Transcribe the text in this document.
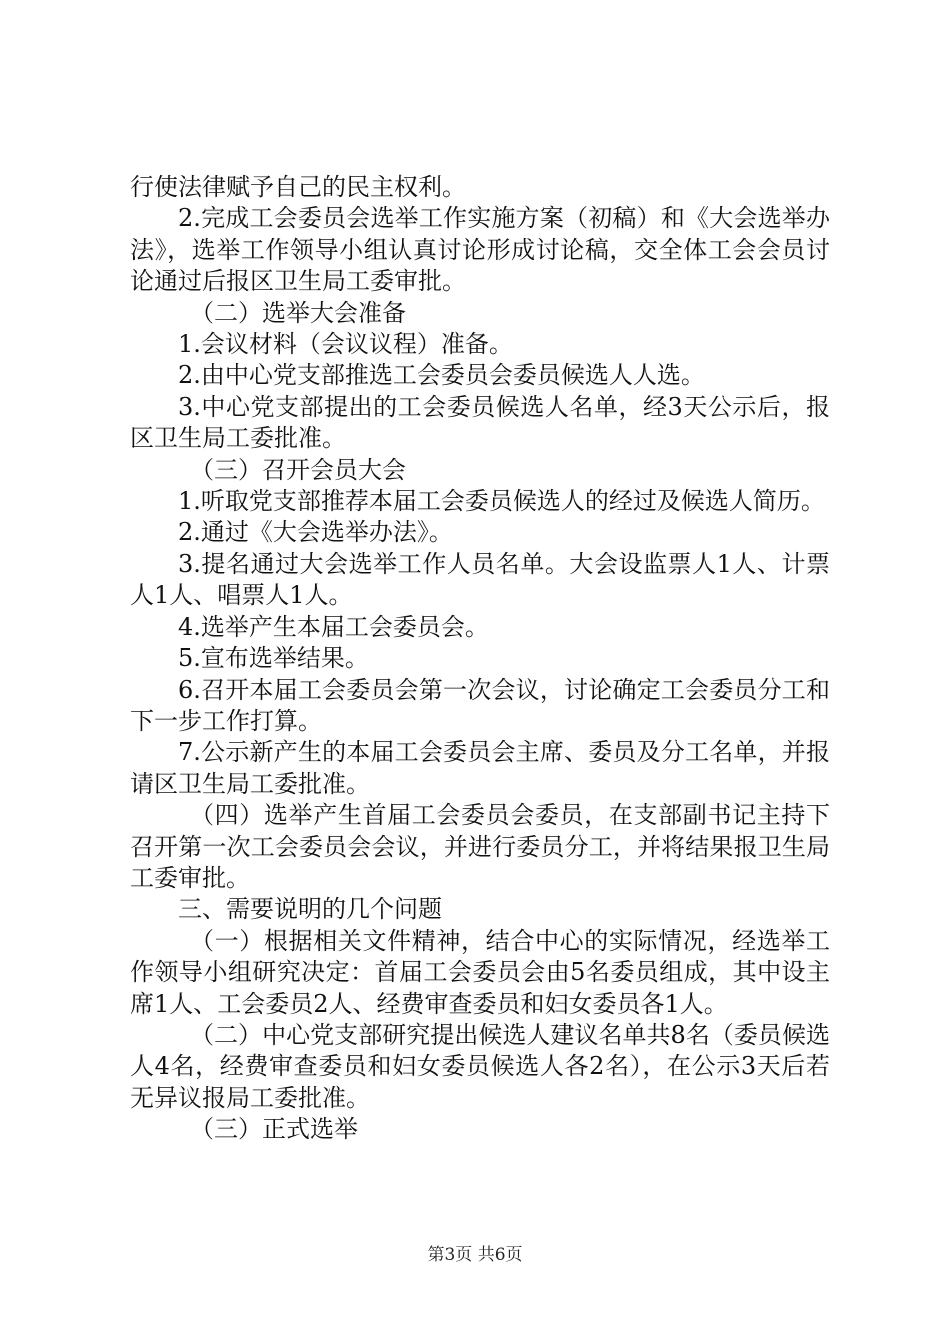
行使法律赋予自己的民主权利。

2.完成工会委员会选举工作实施方案（初稿）和《大会选举办法》，选举工作领导小组认真讨论形成讨论稿，交全体工会会员讨论通过后报区卫生局工委审批。

（二）选举大会准备

1.会议材料（会议议程）准备。

2.由中心党支部推选工会委员会委员候选人人选。

3.中心党支部提出的工会委员候选人名单，经3天公示后，报区卫生局工委批准。

（三）召开会员大会

1.听取党支部推荐本届工会委员候选人的经过及候选人简历。

2.通过《大会选举办法》。

3.提名通过大会选举工作人员名单。大会设监票人1人、计票人1人、唱票人1人。

4.选举产生本届工会委员会。

5.宣布选举结果。

6.召开本届工会委员会第一次会议，讨论确定工会委员分工和下一步工作打算。

7.公示新产生的本届工会委员会主席、委员及分工名单，并报请区卫生局工委批准。

（四）选举产生首届工会委员会委员，在支部副书记主持下召开第一次工会委员会会议，并进行委员分工，并将结果报卫生局工委审批。

三、需要说明的几个问题

（一）根据相关文件精神，结合中心的实际情况，经选举工作领导小组研究决定：首届工会委员会由5名委员组成，其中设主席1人、工会委员2人、经费审查委员和妇女委员各1人。

（二）中心党支部研究提出候选人建议名单共8名（委员候选人4名，经费审查委员和妇女委员候选人各2名），在公示3天后若无异议报局工委批准。

（三）正式选举

第3页 共6页
